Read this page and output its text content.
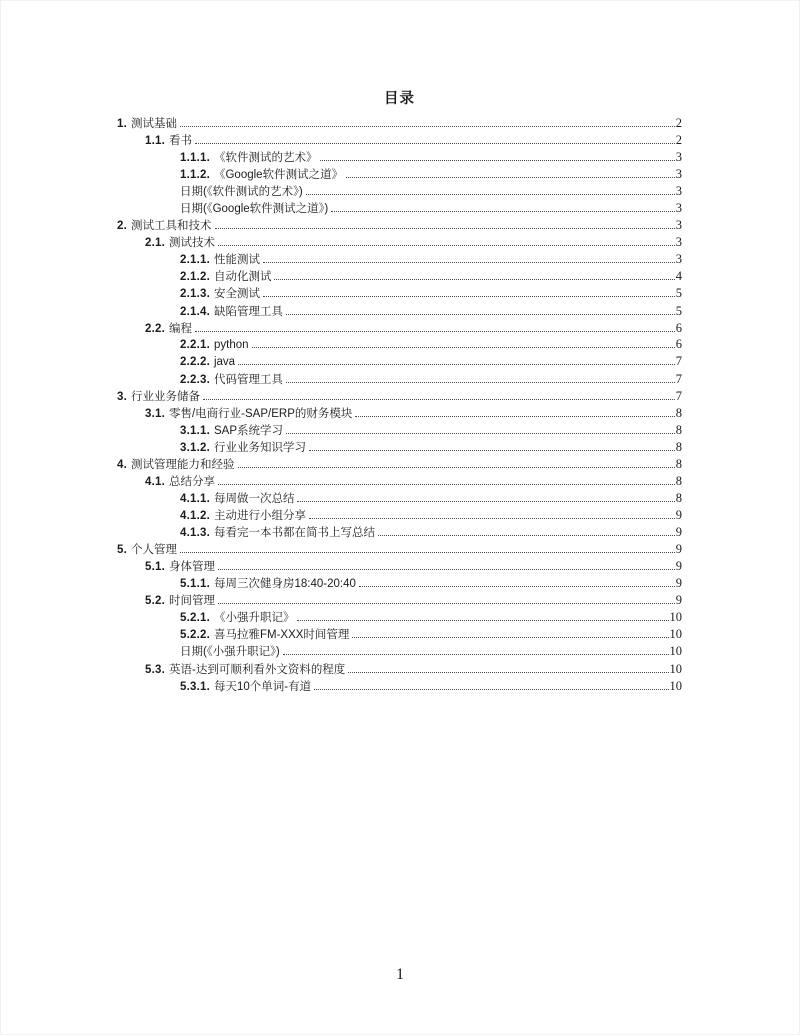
目录
1. 测试基础	2
1.1. 看书	2
1.1.1. 《软件测试的艺术》	3
1.1.2. 《Google软件测试之道》	3
日期(《软件测试的艺术》)	3
日期(《Google软件测试之道》)	3
2. 测试工具和技术	3
2.1. 测试技术	3
2.1.1. 性能测试	3
2.1.2. 自动化测试	4
2.1.3. 安全测试	5
2.1.4. 缺陷管理工具	5
2.2. 编程	6
2.2.1. python	6
2.2.2. java	7
2.2.3. 代码管理工具	7
3. 行业业务储备	7
3.1. 零售/电商行业-SAP/ERP的财务模块	8
3.1.1. SAP系统学习	8
3.1.2. 行业业务知识学习	8
4. 测试管理能力和经验	8
4.1. 总结分享	8
4.1.1. 每周做一次总结	8
4.1.2. 主动进行小组分享	9
4.1.3. 每看完一本书都在简书上写总结	9
5. 个人管理	9
5.1. 身体管理	9
5.1.1. 每周三次健身房18:40-20:40	9
5.2. 时间管理	9
5.2.1. 《小强升职记》	10
5.2.2. 喜马拉雅FM-XXX时间管理	10
日期(《小强升职记》)	10
5.3. 英语-达到可顺利看外文资料的程度	10
5.3.1. 每天10个单词-有道	10
1
